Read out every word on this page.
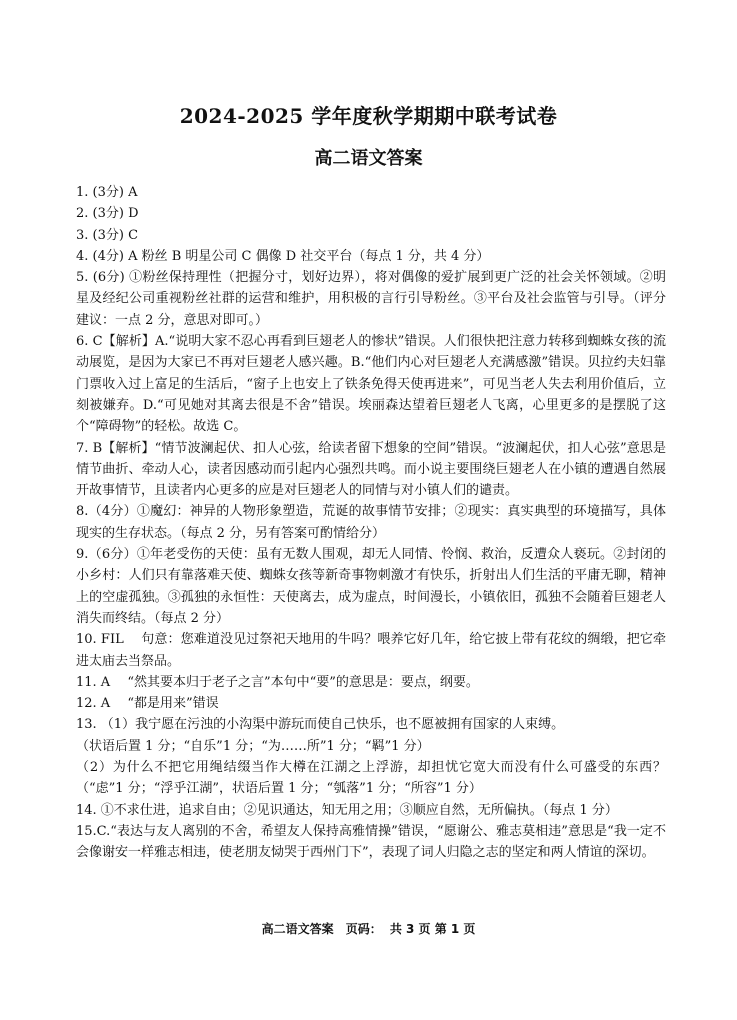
2024-2025 学年度秋学期期中联考试卷
高二语文答案

1. (3分) A

2. (3分) D

3. (3分) C

4. (4分) A 粉丝 B 明星公司 C 偶像 D 社交平台（每点 1 分，共 4 分）

5. (6分) ①粉丝保持理性（把握分寸，划好边界），将对偶像的爱扩展到更广泛的社会关怀领域。②明星及经纪公司重视粉丝社群的运营和维护，用积极的言行引导粉丝。③平台及社会监管与引导。（评分建议：一点 2 分，意思对即可。）

6. C【解析】A.“说明大家不忍心再看到巨翅老人的惨状”错误。人们很快把注意力转移到蜘蛛女孩的流动展览，是因为大家已不再对巨翅老人感兴趣。B.“他们内心对巨翅老人充满感激”错误。贝拉约夫妇靠门票收入过上富足的生活后，“窗子上也安上了铁条免得天使再进来”，可见当老人失去利用价值后，立刻被嫌弃。D.“可见她对其离去很是不舍”错误。埃丽森达望着巨翅老人飞离，心里更多的是摆脱了这个“障碍物”的轻松。故选 C。

7. B【解析】“情节波澜起伏、扣人心弦，给读者留下想象的空间”错误。“波澜起伏，扣人心弦”意思是情节曲折、牵动人心，读者因感动而引起内心强烈共鸣。而小说主要围绕巨翅老人在小镇的遭遇自然展开故事情节，且读者内心更多的应是对巨翅老人的同情与对小镇人们的谴责。

8.（4分）①魔幻：神异的人物形象塑造，荒诞的故事情节安排；②现实：真实典型的环境描写，具体现实的生存状态。（每点 2 分，另有答案可酌情给分）

9.（6分）①年老受伤的天使：虽有无数人围观，却无人同情、怜悯、救治，反遭众人亵玩。②封闭的小乡村：人们只有靠落难天使、蜘蛛女孩等新奇事物刺激才有快乐，折射出人们生活的平庸无聊，精神上的空虚孤独。③孤独的永恒性：天使离去，成为虚点，时间漫长，小镇依旧，孤独不会随着巨翅老人消失而终结。（每点 2 分）

10. FIL　 句意：您难道没见过祭祀天地用的牛吗？喂养它好几年，给它披上带有花纹的绸缎，把它牵进太庙去当祭品。

11. A　 “然其要本归于老子之言”本句中“要”的意思是：要点，纲要。

12. A　 “都是用来”错误

13. （1）我宁愿在污浊的小沟渠中游玩而使自己快乐，也不愿被拥有国家的人束缚。

（状语后置 1 分；“自乐”1 分；“为……所”1 分；“羁”1 分）

（2）为什么不把它用绳结缀当作大樽在江湖之上浮游，却担忧它宽大而没有什么可盛受的东西？　（“虑”1 分；“浮乎江湖”，状语后置 1 分；“瓠落”1 分；“所容”1 分）

14. ①不求仕进，追求自由；②见识通达，知无用之用；③顺应自然，无所偏执。（每点 1 分）

15.C.“表达与友人离别的不舍，希望友人保持高雅情操”错误，“愿谢公、雅志莫相违”意思是“我一定不会像谢安一样雅志相违，使老朋友恸哭于西州门下”，表现了词人归隐之志的坚定和两人情谊的深切。

高二语文答案 页码： 共 3 页 第 1 页
